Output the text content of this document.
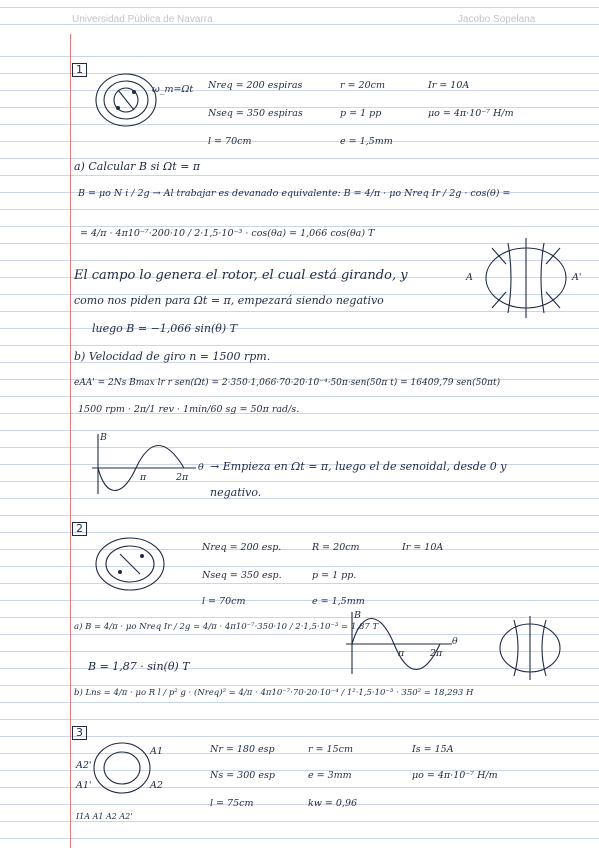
Universidad Pública de Navarra	Jacobo Sopelana
1
ω_m=Ωt Nreq = 200 espiras	r = 20cm	Ir = 10A
Nseq = 350 espiras	p = 1 pp	μo = 4π·10⁻⁷ H/m
l = 70cm	e = 1,5mm
a) Calcular B si Ωt = π
B = μo N i / 2g → Al trabajar es devanado equivalente: B = 4/π · μo Nreq Ir / 2g · cos(θ) =
= 4/π · 4π10⁻⁷·200·10 / 2·1,5·10⁻³ · cos(θa) = 1,066 cos(θa) T
A	A'
El campo lo genera el rotor, el cual está girando, y
como nos piden para Ωt = π, empezará siendo negativo
luego B = −1,066 sin(θ) T
b) Velocidad de giro n = 1500 rpm.
eAA' = 2Ns Bmax lr r sen(Ωt) = 2·350·1,066·70·20·10⁻⁴·50π·sen(50π t) = 16409,79 sen(50πt)
1500 rpm · 2π/1 rev · 1min/60 sg = 50π rad/s.
B
π	2π
θ → Empieza en Ωt = π, luego el de senoidal, desde 0 y
negativo.
2
Nreq = 200 esp.	R = 20cm	Ir = 10A
Nseq = 350 esp.	p = 1 pp.
l = 70cm	e = 1,5mm
a) B = 4/π · μo Nreq Ir / 2g = 4/π · 4π10⁻⁷·350·10 / 2·1,5·10⁻³ = 1,87 T
B = 1,87 · sin(θ) T
B
π	2π
θ
b) Lns = 4/π · μo R l / p² g · (Nreq)² = 4/π · 4π10⁻⁷·70·20·10⁻⁴ / 1²·1,5·10⁻³ · 350² = 18,293 H
3
A1
A2
A1'
A2'
I1A A1 A2 A2'
Nr = 180 esp	r = 15cm	Is = 15A
Ns = 300 esp	e = 3mm	μo = 4π·10⁻⁷ H/m
l = 75cm	kw = 0,96
